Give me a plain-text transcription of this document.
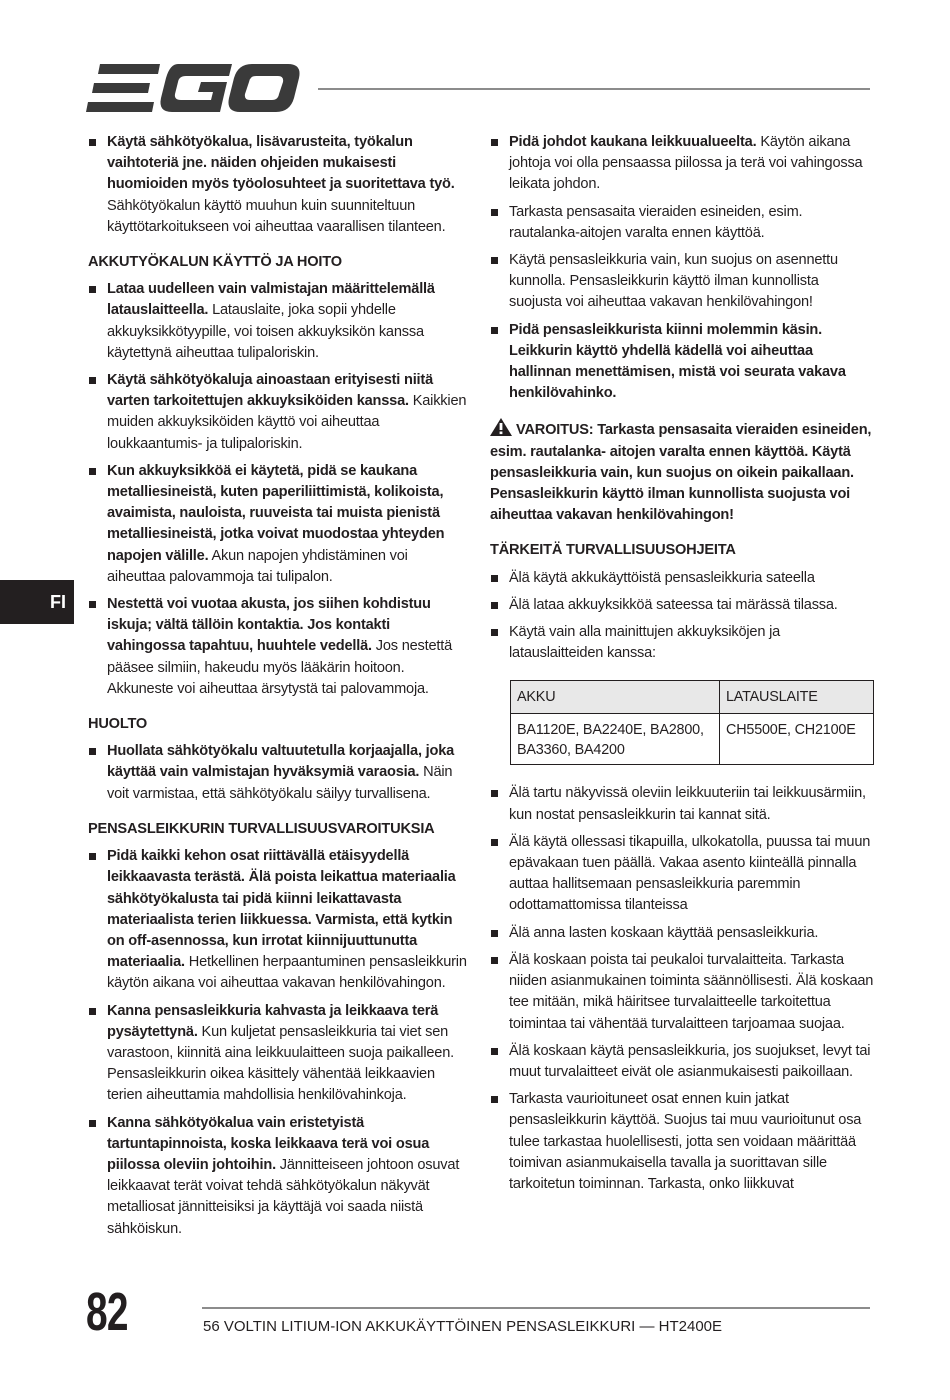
FI
Käytä sähkötyökalua, lisävarusteita, työkalun vaihtoteriä jne. näiden ohjeiden mukaisesti huomioiden myös työolosuhteet ja suoritettava työ. Sähkötyökalun käyttö muuhun kuin suunniteltuun käyttötarkoitukseen voi aiheuttaa vaarallisen tilanteen.
AKKUTYÖKALUN KÄYTTÖ JA HOITO
Lataa uudelleen vain valmistajan määrittelemällä latauslaitteella. Latauslaite, joka sopii yhdelle akkuyksikkötyypille, voi toisen akkuyksikön kanssa käytettynä aiheuttaa tulipaloriskin.
Käytä sähkötyökaluja ainoastaan erityisesti niitä varten tarkoitettujen akkuyksiköiden kanssa. Kaikkien muiden akkuyksiköiden käyttö voi aiheuttaa loukkaantumis- ja tulipaloriskin.
Kun akkuyksikköä ei käytetä, pidä se kaukana metalliesineistä, kuten paperiliittimistä, kolikoista, avaimista, nauloista, ruuveista tai muista pienistä metalliesineistä, jotka voivat muodostaa yhteyden napojen välille. Akun napojen yhdistäminen voi aiheuttaa palovammoja tai tulipalon.
Nestettä voi vuotaa akusta, jos siihen kohdistuu iskuja; vältä tällöin kontaktia. Jos kontakti vahingossa tapahtuu, huuhtele vedellä. Jos nestettä pääsee silmiin, hakeudu myös lääkärin hoitoon. Akkuneste voi aiheuttaa ärsytystä tai palovammoja.
HUOLTO
Huollata sähkötyökalu valtuutetulla korjaajalla, joka käyttää vain valmistajan hyväksymiä varaosia. Näin voit varmistaa, että sähkötyökalu säilyy turvallisena.
PENSASLEIKKURIN TURVALLISUUSVAROITUKSIA
Pidä kaikki kehon osat riittävällä etäisyydellä leikkaavasta terästä. Älä poista leikattua materiaalia sähkötyökalusta tai pidä kiinni leikattavasta materiaalista terien liikkuessa. Varmista, että kytkin on off-asennossa, kun irrotat kiinnijuuttunutta materiaalia. Hetkellinen herpaantuminen pensasleikkurin käytön aikana voi aiheuttaa vakavan henkilövahingon.
Kanna pensasleikkuria kahvasta ja leikkaava terä pysäytettynä. Kun kuljetat pensasleikkuria tai viet sen varastoon, kiinnitä aina leikkuulaitteen suoja paikalleen. Pensasleikkurin oikea käsittely vähentää leikkaavien terien aiheuttamia mahdollisia henkilövahinkoja.
Kanna sähkötyökalua vain eristetyistä tartuntapinnoista, koska leikkaava terä voi osua piilossa oleviin johtoihin. Jännitteiseen johtoon osuvat leikkaavat terät voivat tehdä sähkötyökalun näkyvät metalliosat jännitteisiksi ja käyttäjä voi saada niistä sähköiskun.
Pidä johdot kaukana leikkuualueelta. Käytön aikana johtoja voi olla pensaassa piilossa ja terä voi vahingossa leikata johdon.
Tarkasta pensasaita vieraiden esineiden, esim. rautalanka-aitojen varalta ennen käyttöä.
Käytä pensasleikkuria vain, kun suojus on asennettu kunnolla. Pensasleikkurin käyttö ilman kunnollista suojusta voi aiheuttaa vakavan henkilövahingon!
Pidä pensasleikkurista kiinni molemmin käsin. Leikkurin käyttö yhdellä kädellä voi aiheuttaa hallinnan menettämisen, mistä voi seurata vakava henkilövahinko.
VAROITUS: Tarkasta pensasaita vieraiden esineiden, esim. rautalanka- aitojen varalta ennen käyttöä. Käytä pensasleikkuria vain, kun suojus on oikein paikallaan. Pensasleikkurin käyttö ilman kunnollista suojusta voi aiheuttaa vakavan henkilövahingon!
TÄRKEITÄ TURVALLISUUSOHJEITA
Älä käytä akkukäyttöistä pensasleikkuria sateella
Älä lataa akkuyksikköä sateessa tai märässä tilassa.
Käytä vain alla mainittujen akkuyksiköjen ja latauslaitteiden kanssa:
AKKU	LATAUSLAITE
BA1120E, BA2240E, BA2800, BA3360, BA4200	CH5500E, CH2100E
Älä tartu näkyvissä oleviin leikkuuteriin tai leikkuusärmiin, kun nostat pensasleikkurin tai kannat sitä.
Älä käytä ollessasi tikapuilla, ulkokatolla, puussa tai muun epävakaan tuen päällä. Vakaa asento kiinteällä pinnalla auttaa hallitsemaan pensasleikkuria paremmin odottamattomissa tilanteissa
Älä anna lasten koskaan käyttää pensasleikkuria.
Älä koskaan poista tai peukaloi turvalaitteita. Tarkasta niiden asianmukainen toiminta säännöllisesti. Älä koskaan tee mitään, mikä häiritsee turvalaitteelle tarkoitettua toimintaa tai vähentää turvalaitteen tarjoamaa suojaa.
Älä koskaan käytä pensasleikkuria, jos suojukset, levyt tai muut turvalaitteet eivät ole asianmukaisesti paikoillaan.
Tarkasta vaurioituneet osat ennen kuin jatkat pensasleikkurin käyttöä. Suojus tai muu vaurioitunut osa tulee tarkastaa huolellisesti, jotta sen voidaan määrittää toimivan asianmukaisella tavalla ja suorittavan sille tarkoitetun toiminnan. Tarkasta, onko liikkuvat
82	56 VOLTIN LITIUM-ION AKKUKÄYTTÖINEN PENSASLEIKKURI — HT2400E
